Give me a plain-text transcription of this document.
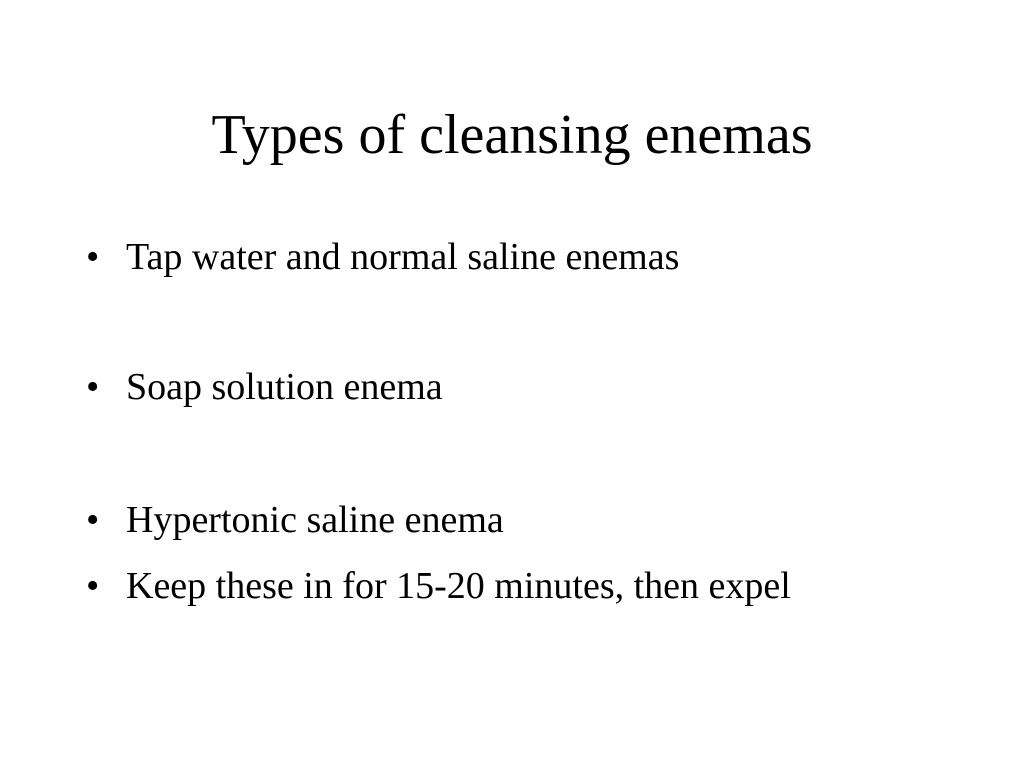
Types of cleansing enemas
• Tap water and normal saline enemas
• Soap solution enema
• Hypertonic saline enema
• Keep these in for 15-20 minutes, then expel
